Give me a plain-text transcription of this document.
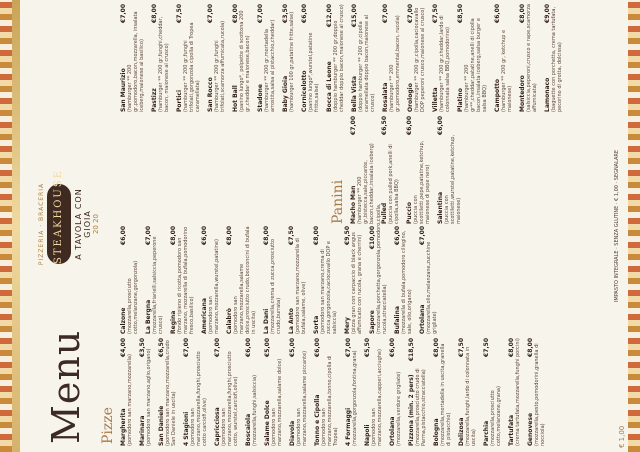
Menu
PIZZERIA · BRACERIA STEAKHOUSE	A TAVOLA CON GIOIA 20 20
Pizze
Panini
Margherita
€4,00
(pomodoro san marzano,mozzarella) Marinara
€3,50
(pomodoro san marzano,aglio,origano) San Daniele
€6,50 (pomodoro san marzano,mozzarella,crudo San Daniele in uscita) 4 Stagioni
€7,00
(pomodoro san marzano,mozzarella,funghi,prosciutto cotto carciofi,olive) Capricciosa
€7,00
(pomodoro san marzano,mozzarella,funghi,prosciutto cotto, wurstel,carciofi,olive) Boscaiola
€6,00
(mozzarella,funghi,salsiccia) Salame Dolce
€5,00
(pomodoro san marzano,mozzarella,salame dolce) Diavola
€5,00
(pomodoro san marzano,mozzarella,salame piccante) Tonno e Cipolla
€6,00
(pomodoro san marzano,mozzarella,tonno,cipolla di Tropea) 4 Formaggi
€7,00
(mozzarella,gorgonzola,fontina,grana) Napoli
€5,50
(pomodoro san marzano,mozzarella,capperi,acciughe) Ortolana
€6,00
(mozzarella,verdure grigliate) Pizzona (min. 2 pers)
€18,50
(mozzarella,prosciutto crudo di Parma,pistacchio,stracciatella) Bologna
€8,00 (mozzarella,mortadella in uscita,granella di pistacchio) Delizosa
€7,50 (mozzarella,funghi,lardo di colonnata in uscita) Parchia
€7,50
(mozzarella,prosciutto cotto,melanzane,grana) Tartufata
€8,00 (crema tartufata,mozzarella,funghi porcini) Genovese
€8,00 (mozzarella,pesto,pomodorini,granella di nocciola)
Calzone
€6,00
(mozzarella,prosciutto cotto,melanzane,gorgonzola) La Bergna
€7,00
(mozzarella,friarielli,salsiccia,peperone crusco) Regina
€8,00
(fondo ripieno di ricotta,pomodoro san marzano, mozzarella di bufala,pomodorino fresco,basilico) Americana
€6,00
(pomodoro san marzano,mozzarella,wurstel,patatine) Calabrò
€8,00
(pomodoro san marzano,mozzarella,salame dolce,prosciutto crudo,bocconcini di bufala in uscita) La Dani
€8,00
(mozzarella,crema di zucca,prosciutto crudo,burrata) La Anto
€7,50
(pomodoro san marzano,mozzarella di bufala,salame, olive) Sorta
€8,00
(pomodoro san marzano,crema di zucca,gorgonzola,caciocavallo DOP e salsiccia) Mery
€9,50 (pizza gran con carpaccio di black angus affumicato con rucola, grana e cherrini) Sapore
€10,00 (mozzarella,porchetta,gorgonzola,pomodoro,cipolla, rucola,stracciatella) Bufalina
€6,00 (mozzarella di bufala,pomodoro ciliegino, sale, olio,origano) Ortolana
€7,00
(mozzarella,olio,melanzane,zucchine grigliate)
Macho Man
€7,00
(hamburger ** 200 gr,bistecca,sale,piccante, bacon,cheddar,insalata iceberg) Pulled
€6,50
(puccia con pulled pork,anelli di cipolla,salsa BBQ) Puccio
€6,00
(puccia con scottiletti,pepe,patatine,ketchup, maionese di pepe nero) Salentina
€6,00
(puccia con scottiletti,wurstel,patatine,ketchup, maionese)
San Maurizio
€7,00
(hamburger ** 200 gr,pomodoro,bacon,mozzarella, insalata iceberg,maionese al basilico) Pastizz
€8,00
(hamburger ** 200 gr,funghi,cheddar, bacon, maionese al crusco) Portici
€7,50
(hamburger ** 200 gr,funghi trifolati,gorgonzola cipolla di Tropea caramellata) San Rocco
€7,00
(hamburger ** 200 gr,funghi trifolati,scamorza affumicata,rucola) Hot Ball
€8,00 (panino lungo*, polpette di scottona 200 gr,cheddar e maionese,bacon) Stadone
€7,00
(hamburger ** 200 gr,mortadella arrostita,salsa al pistacchio,cheddar) Baby Gioia
€3,50 (hamburger 100 gr,patatine fritte,salse) Cornicelotto
€6,00
(panino lungo*,wurstel,patatine fritte,salse) Bocca di Leone
€12,00
(doppio hamburger ** 200 gr,doppio cheddar doppio bacon,maionese al crusco) Bella Vista
€15,00
(doppio hamburger ** 200 gr,cipolla caramellata doppio bacon,maionese al crusco) Rosalata
€7,00
(hamburger ** 200 gr,pomodoro,emmental,bacon, rucola) Orologio
€7,00 (hamburger ** 200 gr,cipolla,caciocavallo DOP peperoni crusco,maionese al crusco) Villetta
€7,50
(hamburger ** 200 gr,cheddar,lardo di colonnata salsa BBQ,pomodorino) Platino
€8,50
(hamburger ** 200 gr**,cheddar,patatine,anelli di cipolla bacon,insalata iceberg,salsa burger e salsa BBQ) Campotto
€6,00
(hamburger ** 200 gr, ketchup e maionese) Montedoro
€8,00 (salsiccia,peperoni,crusco e rape,scamorza affumicata) Lamonaco
€9,00 (baguette con porchetta, crema tartufata, pecorino di grotta, dolcissa)
€ 1,00
IMPASTO INTEGRALE · SENZA GLUTINE · € 1,00 · SEGNALARE
